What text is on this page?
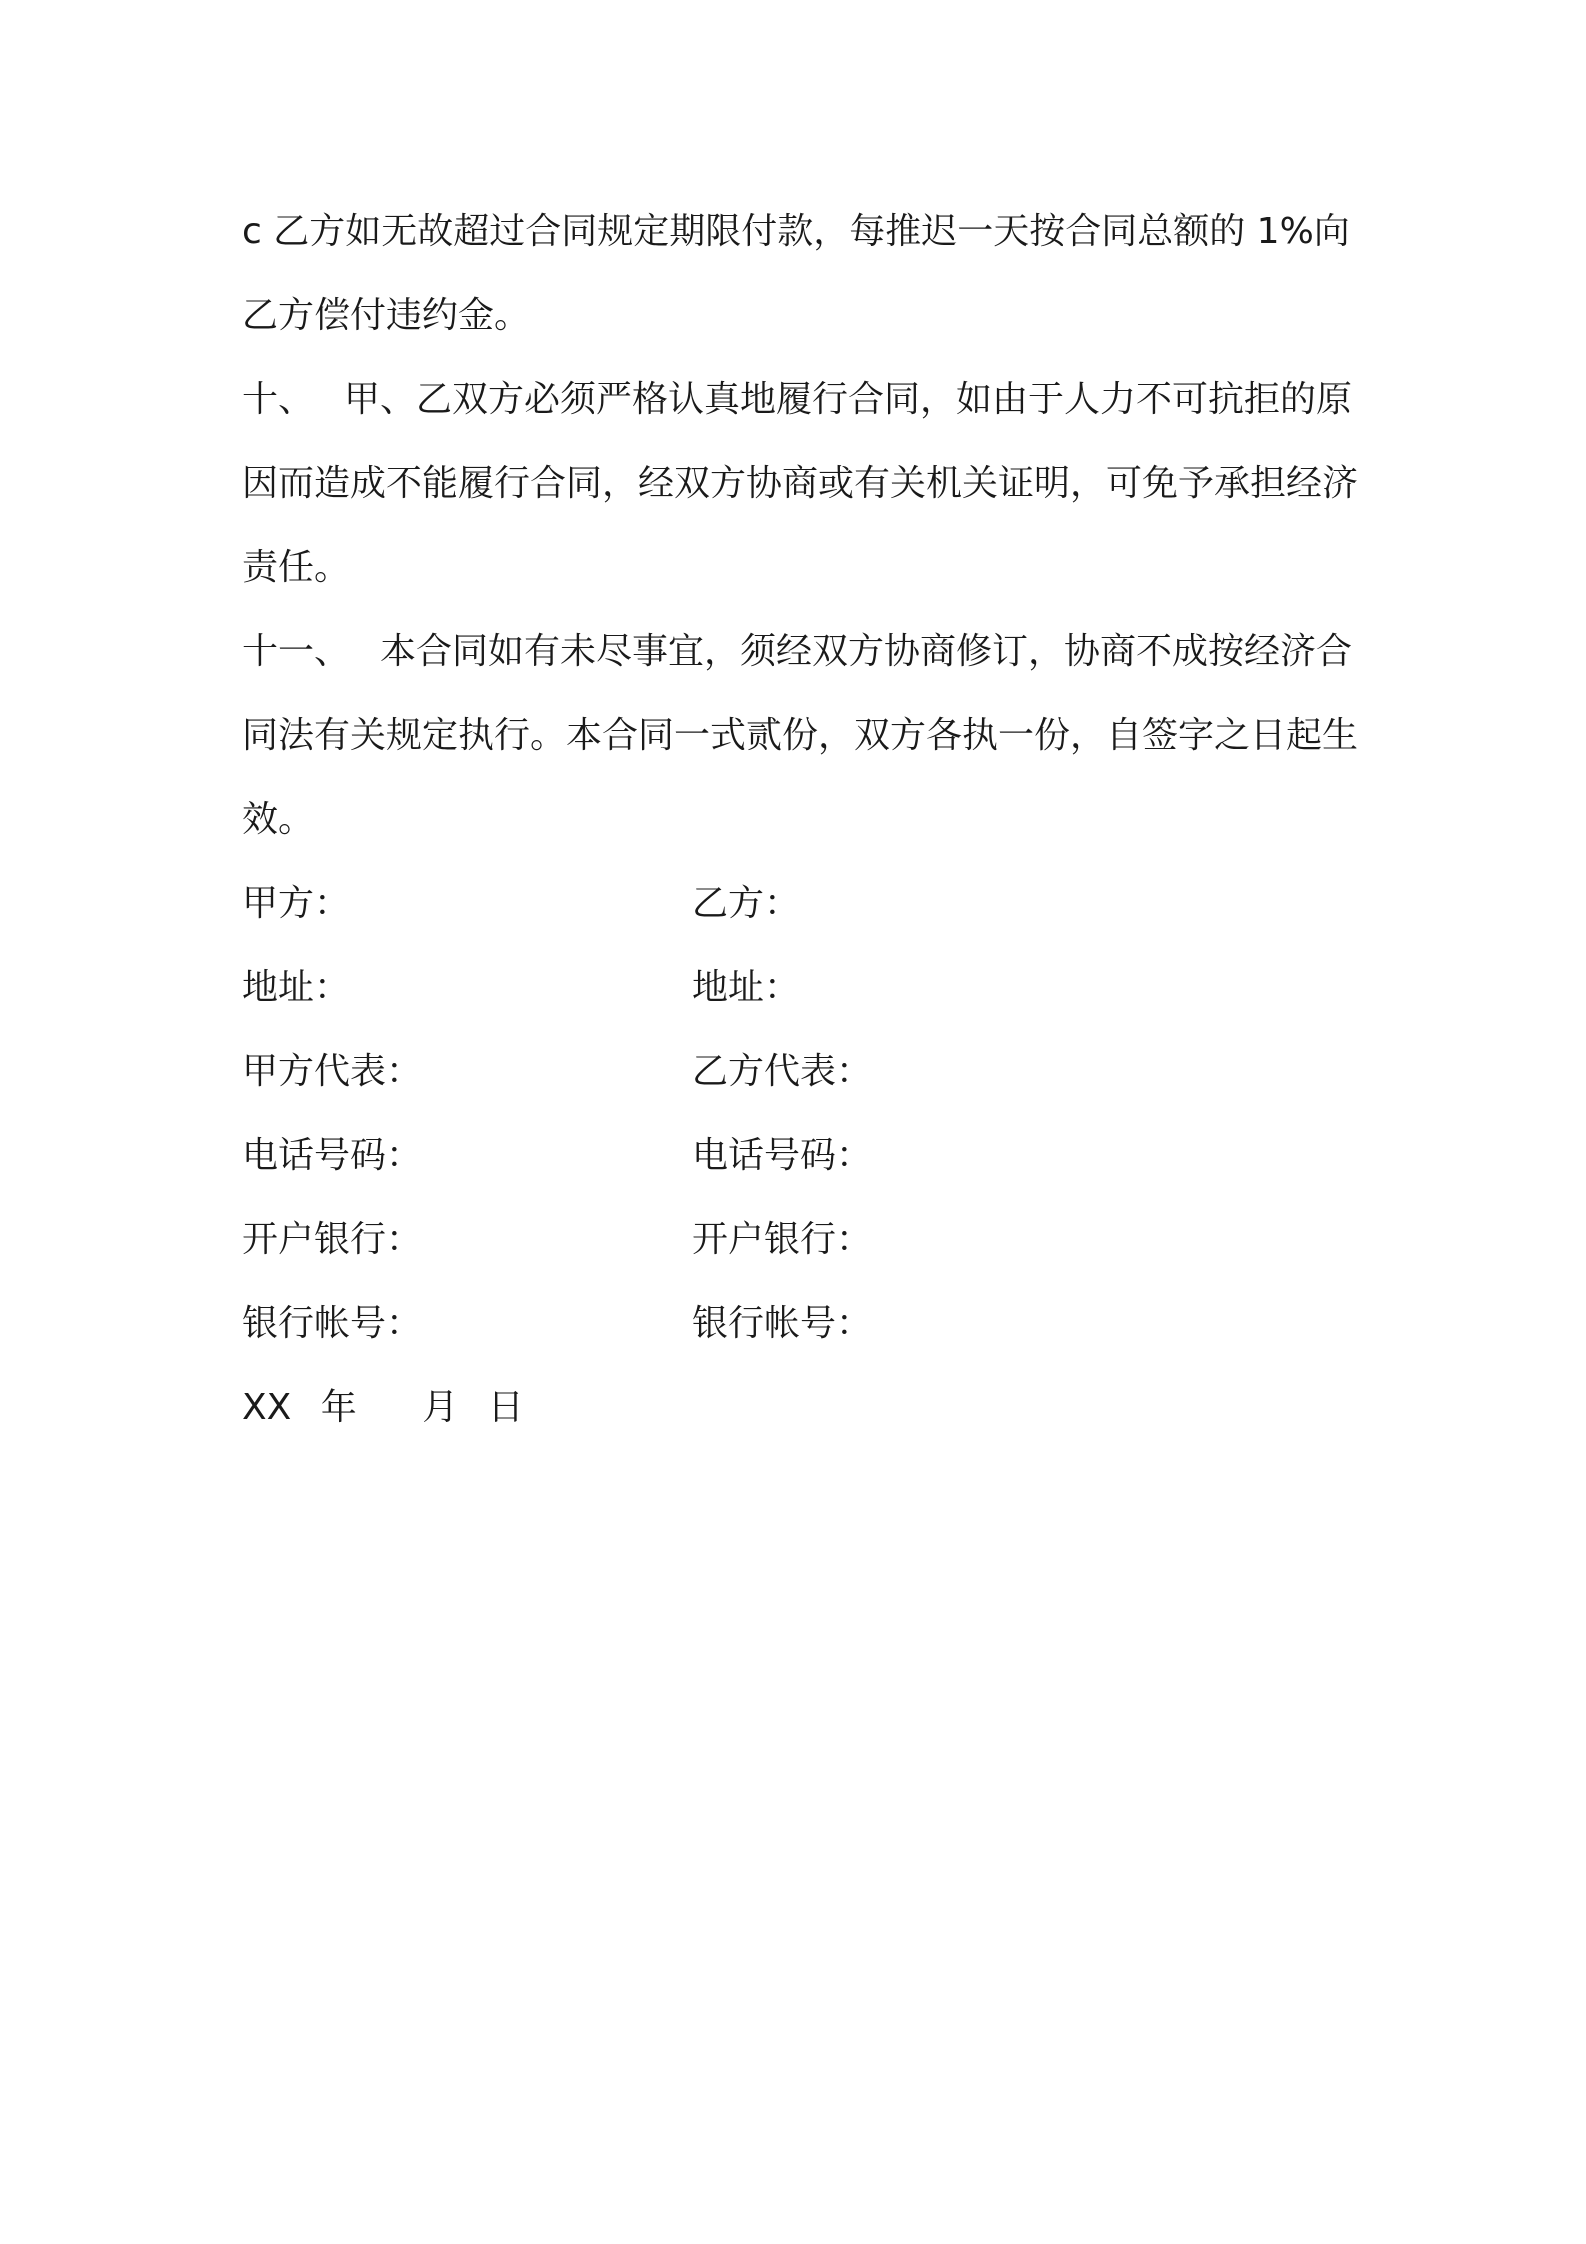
c 乙方如无故超过合同规定期限付款，每推迟一天按合同总额的 1%向乙方偿付违约金。

十、 甲、乙双方必须严格认真地履行合同，如由于人力不可抗拒的原因而造成不能履行合同，经双方协商或有关机关证明，可免予承担经济责任。

十一、 本合同如有未尽事宜，须经双方协商修订，协商不成按经济合同法有关规定执行。本合同一式贰份，双方各执一份，自签字之日起生效。

甲方：	乙方：
地址：	地址：
甲方代表：	乙方代表：
电话号码：	电话号码：
开户银行：	开户银行：
银行帐号：	银行帐号：
XX 年 月 日
